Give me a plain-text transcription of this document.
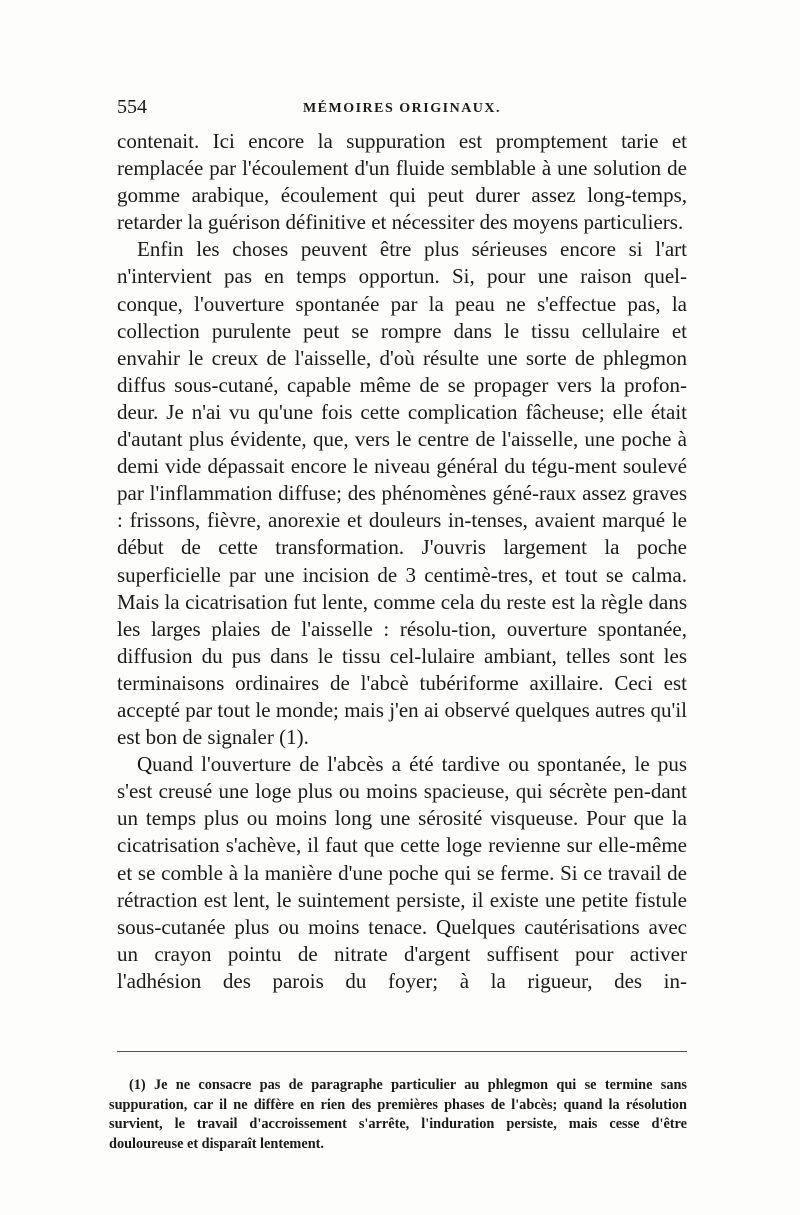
554	MÉMOIRES ORIGINAUX.

contenait. Ici encore la suppuration est promptement tarie et remplacée par l'écoulement d'un fluide semblable à une solution de gomme arabique, écoulement qui peut durer assez long-temps, retarder la guérison définitive et nécessiter des moyens particuliers.

Enfin les choses peuvent être plus sérieuses encore si l'art n'intervient pas en temps opportun. Si, pour une raison quel-conque, l'ouverture spontanée par la peau ne s'effectue pas, la collection purulente peut se rompre dans le tissu cellulaire et envahir le creux de l'aisselle, d'où résulte une sorte de phlegmon diffus sous-cutané, capable même de se propager vers la profon-deur. Je n'ai vu qu'une fois cette complication fâcheuse; elle était d'autant plus évidente, que, vers le centre de l'aisselle, une poche à demi vide dépassait encore le niveau général du tégu-ment soulevé par l'inflammation diffuse; des phénomènes géné-raux assez graves : frissons, fièvre, anorexie et douleurs in-tenses, avaient marqué le début de cette transformation. J'ouvris largement la poche superficielle par une incision de 3 centimè-tres, et tout se calma. Mais la cicatrisation fut lente, comme cela du reste est la règle dans les larges plaies de l'aisselle : résolu-tion, ouverture spontanée, diffusion du pus dans le tissu cel-lulaire ambiant, telles sont les terminaisons ordinaires de l'abcè tubériforme axillaire. Ceci est accepté par tout le monde; mais j'en ai observé quelques autres qu'il est bon de signaler (1).

Quand l'ouverture de l'abcès a été tardive ou spontanée, le pus s'est creusé une loge plus ou moins spacieuse, qui sécrète pen-dant un temps plus ou moins long une sérosité visqueuse. Pour que la cicatrisation s'achève, il faut que cette loge revienne sur elle-même et se comble à la manière d'une poche qui se ferme. Si ce travail de rétraction est lent, le suintement persiste, il existe une petite fistule sous-cutanée plus ou moins tenace. Quelques cautérisations avec un crayon pointu de nitrate d'argent suffisent pour activer l'adhésion des parois du foyer; à la rigueur, des in-

(1) Je ne consacre pas de paragraphe particulier au phlegmon qui se termine sans suppuration, car il ne diffère en rien des premières phases de l'abcès; quand la résolution survient, le travail d'accroissement s'arrête, l'induration persiste, mais cesse d'être douloureuse et disparaît lentement.
